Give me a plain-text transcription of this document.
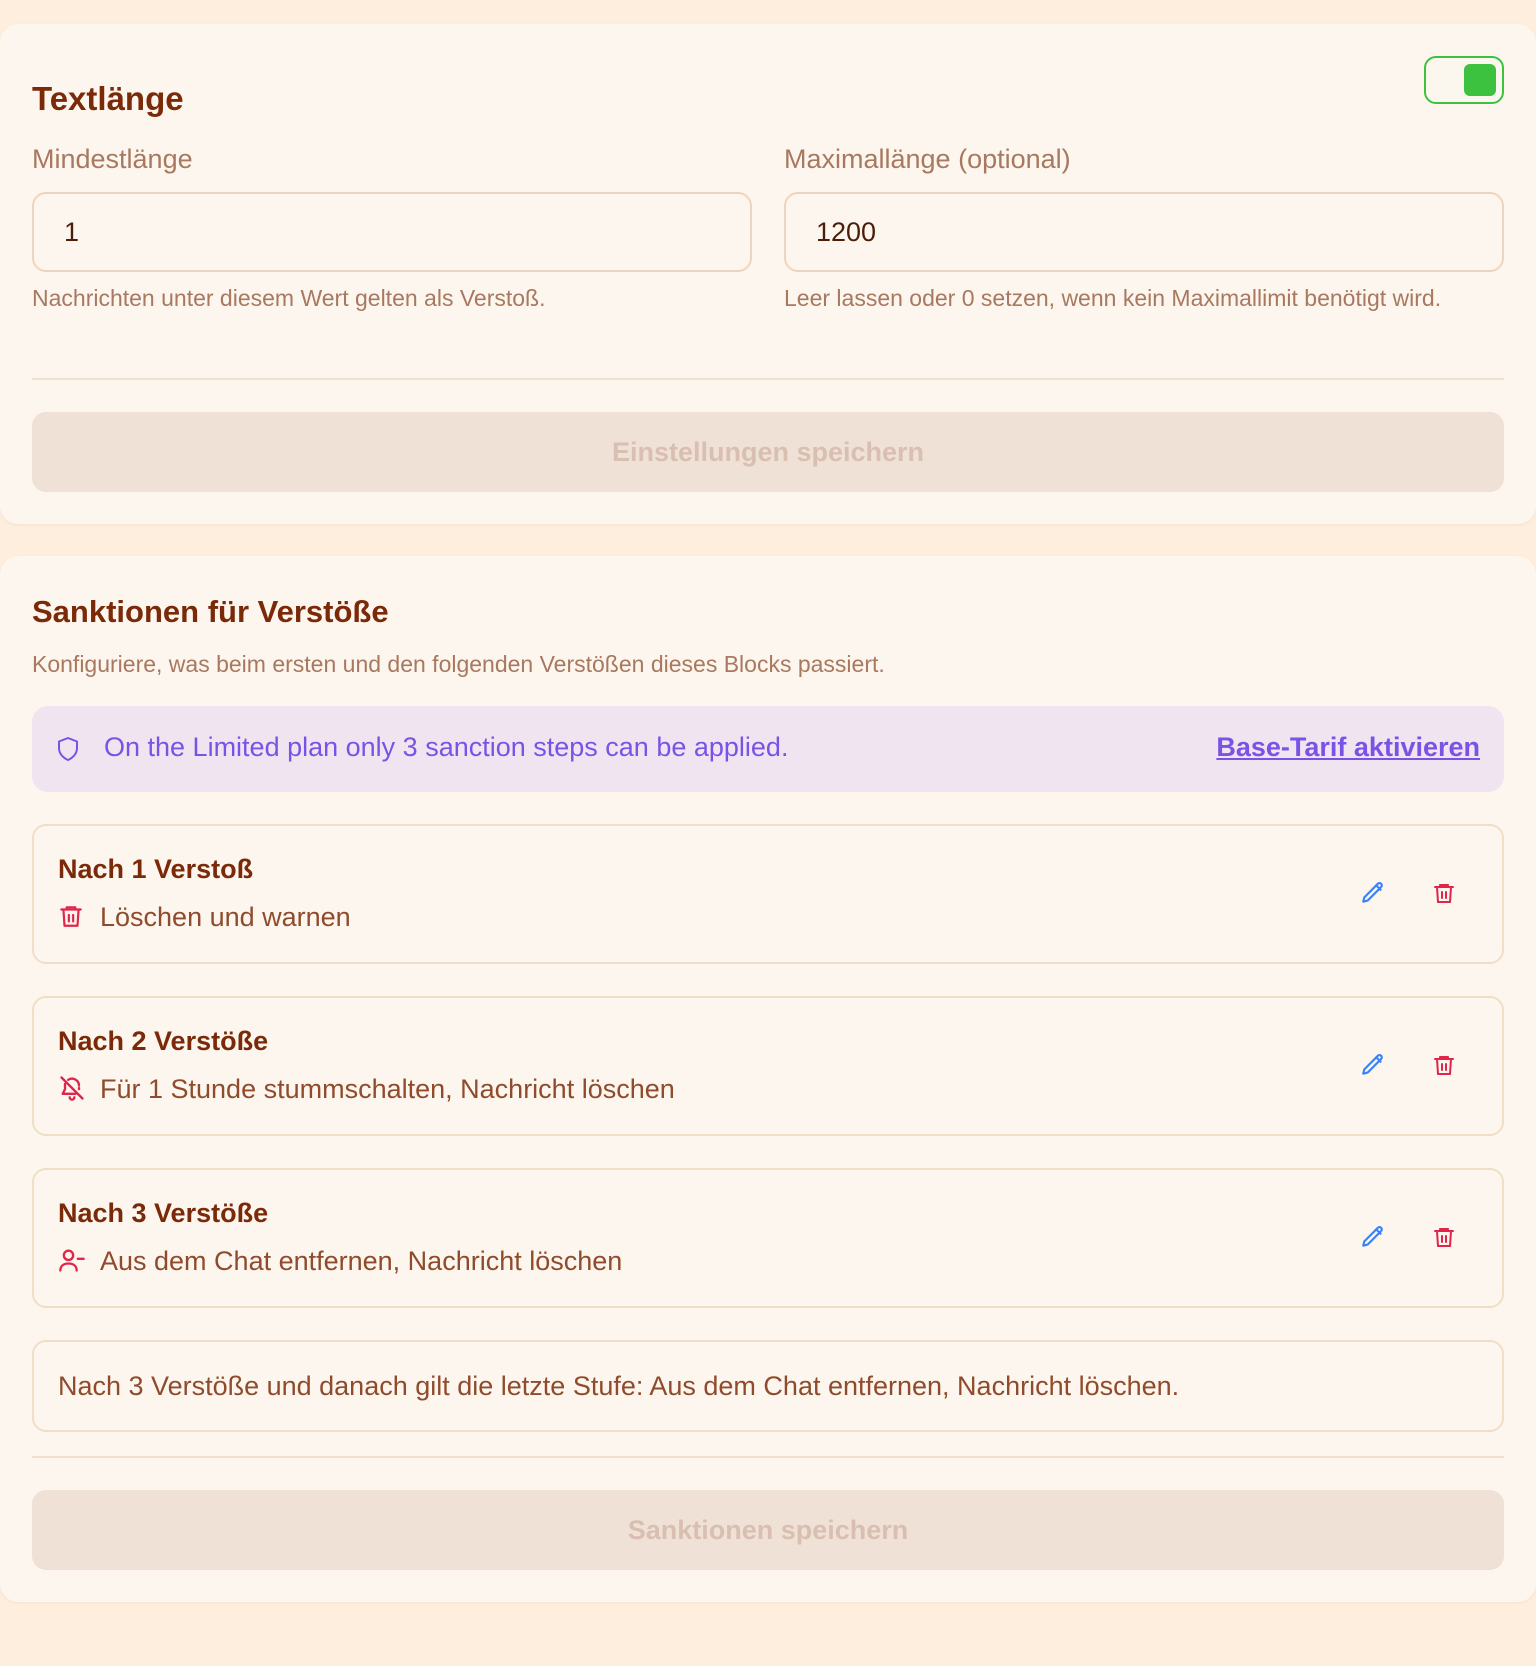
Textlänge
Mindestlänge
1
Nachrichten unter diesem Wert gelten als Verstoß.
Maximallänge (optional)
1200
Leer lassen oder 0 setzen, wenn kein Maximallimit benötigt wird.
Einstellungen speichern
Sanktionen für Verstöße
Konfiguriere, was beim ersten und den folgenden Verstößen dieses Blocks passiert.
On the Limited plan only 3 sanction steps can be applied.	Base-Tarif aktivieren
Nach 1 Verstoß
Löschen und warnen
Nach 2 Verstöße
Für 1 Stunde stummschalten, Nachricht löschen
Nach 3 Verstöße
Aus dem Chat entfernen, Nachricht löschen
Nach 3 Verstöße und danach gilt die letzte Stufe: Aus dem Chat entfernen, Nachricht löschen.
Sanktionen speichern
